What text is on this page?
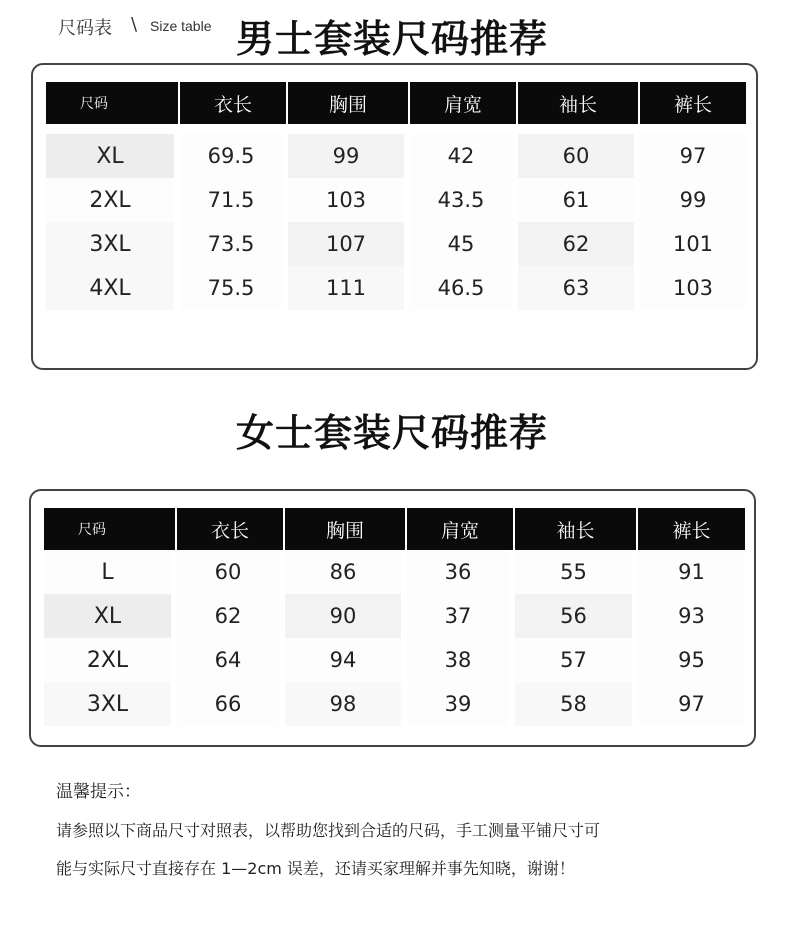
尺码表 \ Size table 男士套装尺码推荐
尺码	衣长	胸围	肩宽	袖长	裤长

XL	69.5	99	42	60	97
2XL	71.5	103	43.5	61	99
3XL	73.5	107	45	62	101
4XL	75.5	111	46.5	63	103
女士套装尺码推荐
尺码	衣长	胸围	肩宽	袖长	裤长
L	60	86	36	55	91
XL	62	90	37	56	93
2XL	64	94	38	57	95
3XL	66	98	39	58	97
温馨提示：
请参照以下商品尺寸对照表，以帮助您找到合适的尺码，手工测量平铺尺寸可
能与实际尺寸直接存在 1—2cm 误差，还请买家理解并事先知晓，谢谢！
